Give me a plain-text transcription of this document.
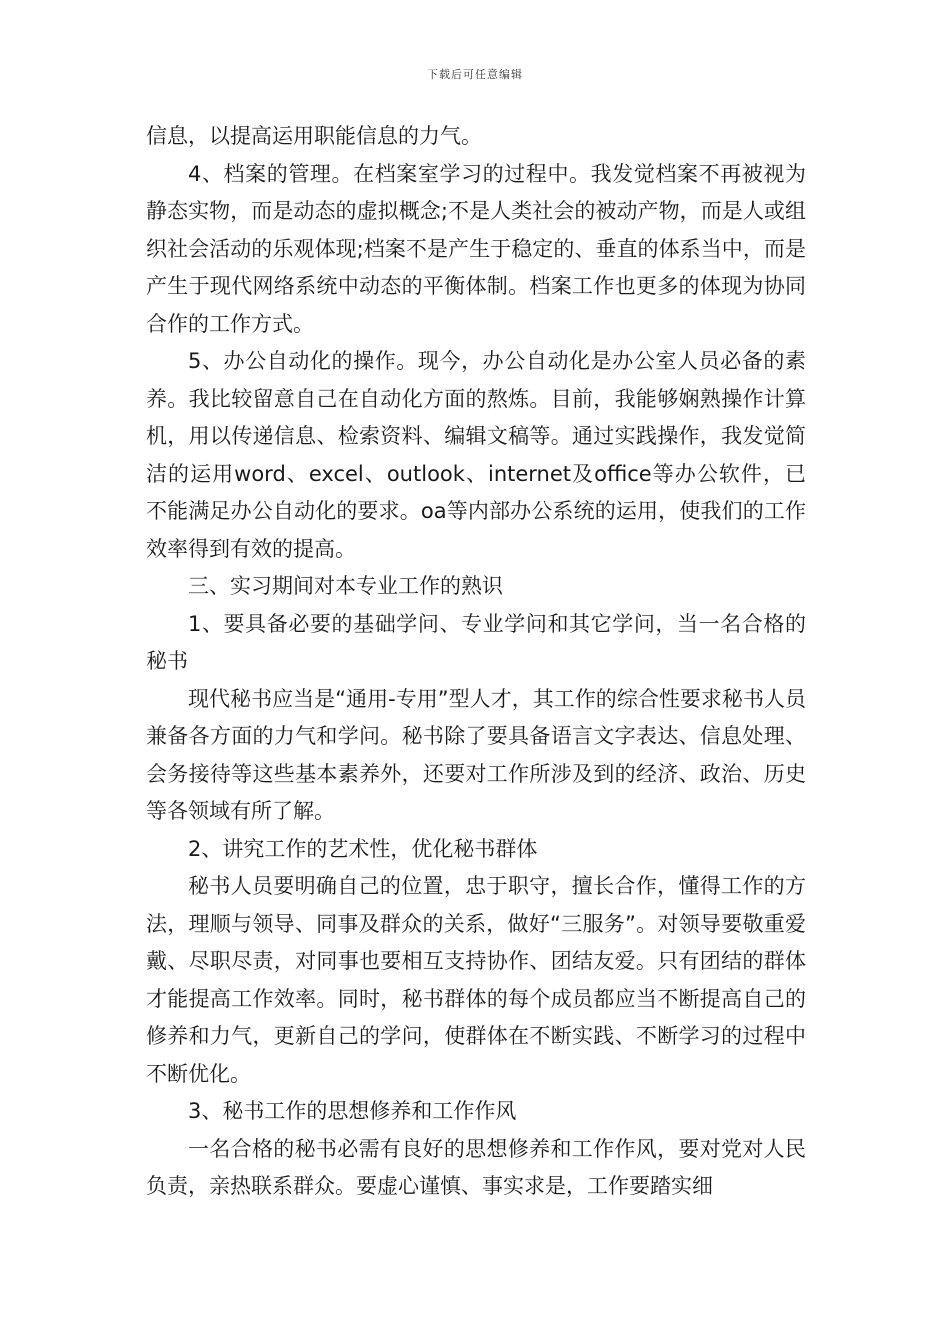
下载后可任意编辑

信息，以提高运用职能信息的力气。

4、档案的管理。在档案室学习的过程中。我发觉档案不再被视为静态实物，而是动态的虚拟概念;不是人类社会的被动产物，而是人或组织社会活动的乐观体现;档案不是产生于稳定的、垂直的体系当中，而是产生于现代网络系统中动态的平衡体制。档案工作也更多的体现为协同合作的工作方式。

5、办公自动化的操作。现今，办公自动化是办公室人员必备的素养。我比较留意自己在自动化方面的熬炼。目前，我能够娴熟操作计算机，用以传递信息、检索资料、编辑文稿等。通过实践操作，我发觉简洁的运用word、excel、outlook、internet及office等办公软件，已不能满足办公自动化的要求。oa等内部办公系统的运用，使我们的工作效率得到有效的提高。

三、实习期间对本专业工作的熟识

1、要具备必要的基础学问、专业学问和其它学问，当一名合格的秘书

现代秘书应当是“通用-专用”型人才，其工作的综合性要求秘书人员兼备各方面的力气和学问。秘书除了要具备语言文字表达、信息处理、会务接待等这些基本素养外，还要对工作所涉及到的经济、政治、历史等各领域有所了解。

2、讲究工作的艺术性，优化秘书群体

秘书人员要明确自己的位置，忠于职守，擅长合作，懂得工作的方法，理顺与领导、同事及群众的关系，做好“三服务”。对领导要敬重爱戴、尽职尽责，对同事也要相互支持协作、团结友爱。只有团结的群体才能提高工作效率。同时，秘书群体的每个成员都应当不断提高自己的修养和力气，更新自己的学问，使群体在不断实践、不断学习的过程中不断优化。

3、秘书工作的思想修养和工作作风

一名合格的秘书必需有良好的思想修养和工作作风，要对党对人民负责，亲热联系群众。要虚心谨慎、事实求是，工作要踏实细
